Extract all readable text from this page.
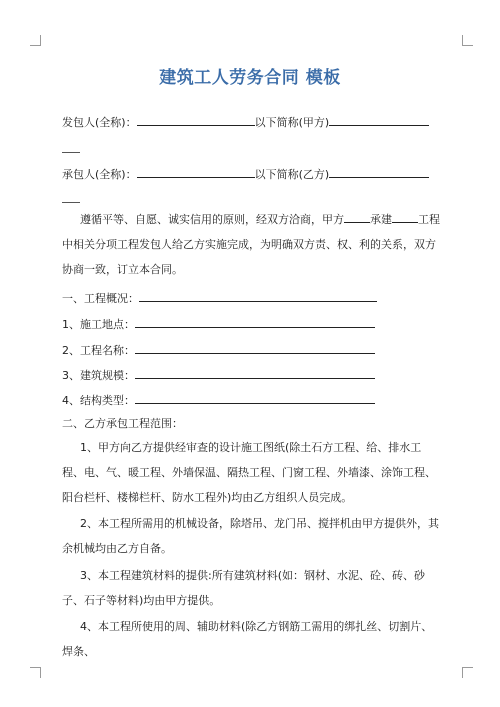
建筑工人劳务合同 模板
发包人(全称)：	以下简称(甲方)
承包人(全称)：	以下简称(乙方)
遵循平等、自愿、诚实信用的原则，经双方洽商，甲方 承建 工程中相关分项工程发包人给乙方实施完成，为明确双方责、权、利的关系，双方协商一致，订立本合同。
一、工程概况：
1、施工地点：
2、工程名称：
3、建筑规模：
4、结构类型：
二、乙方承包工程范围：
1、甲方向乙方提供经审查的设计施工图纸(除土石方工程、给、排水工程、电、气、暖工程、外墙保温、隔热工程、门窗工程、外墙漆、涂饰工程、阳台栏杆、楼梯栏杆、防水工程外)均由乙方组织人员完成。
2、本工程所需用的机械设备，除塔吊、龙门吊、搅拌机由甲方提供外，其余机械均由乙方自备。
3、本工程建筑材料的提供:所有建筑材料(如：钢材、水泥、砼、砖、砂子、石子等材料)均由甲方提供。
4、本工程所使用的周、辅助材料(除乙方钢筋工需用的绑扎丝、切割片、焊条、
